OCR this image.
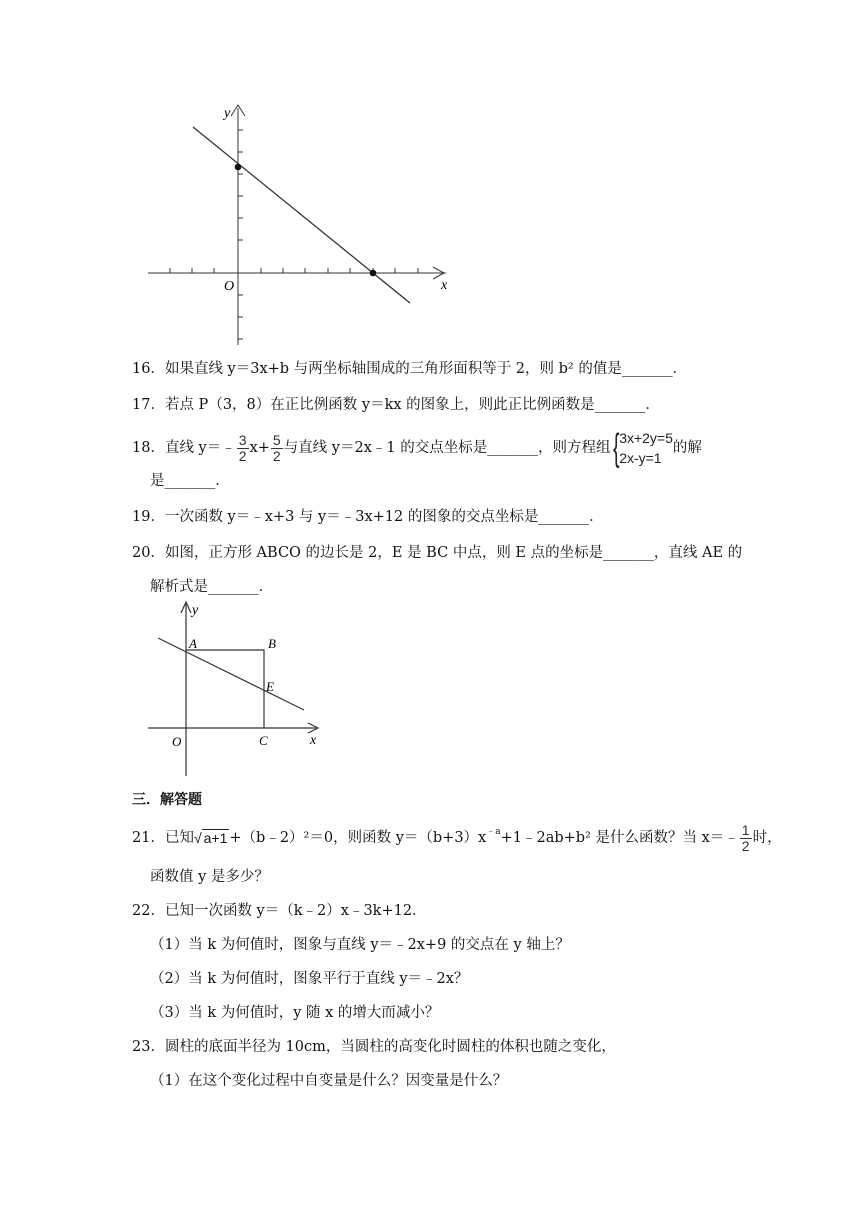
y
x
O
16．如果直线 y＝3x+b 与两坐标轴围成的三角形面积等于 2，则 b² 的值是_______．
17．若点 P（3，8）在正比例函数 y＝kx 的图象上，则此正比例函数是_______．
18． 直线 y＝﹣ $\frac{3}{2} x+ \frac{5}{2}$ 与直线 y＝2x﹣1 的交点坐标是_______，则方程组 { 3x+2y=5
2x-y=1
的解
是_______．
19．一次函数 y＝﹣x+3 与 y＝﹣3x+12 的图象的交点坐标是_______．
20．如图，正方形 ABCO 的边长是 2，E 是 BC 中点，则 E 点的坐标是_______，直线 AE 的
解析式是_______．
y
x
O
A	B
C
E
三．解答题
21． 已知 √ a+1 +（b﹣2）²＝0，则函数 $y=(b+3)x^{﹣a}$ +1﹣2ab+b² 是什么函数？当 x＝﹣ $\frac{1}{2}$ 时，
函数值 y 是多少？
22．已知一次函数 y＝（k﹣2）x﹣3k+12．
（1）当 k 为何值时，图象与直线 y＝﹣2x+9 的交点在 y 轴上？
（2）当 k 为何值时，图象平行于直线 y＝﹣2x？
（3）当 k 为何值时，y 随 x 的增大而减小？
23．圆柱的底面半径为 10cm，当圆柱的高变化时圆柱的体积也随之变化，
（1）在这个变化过程中自变量是什么？因变量是什么？
